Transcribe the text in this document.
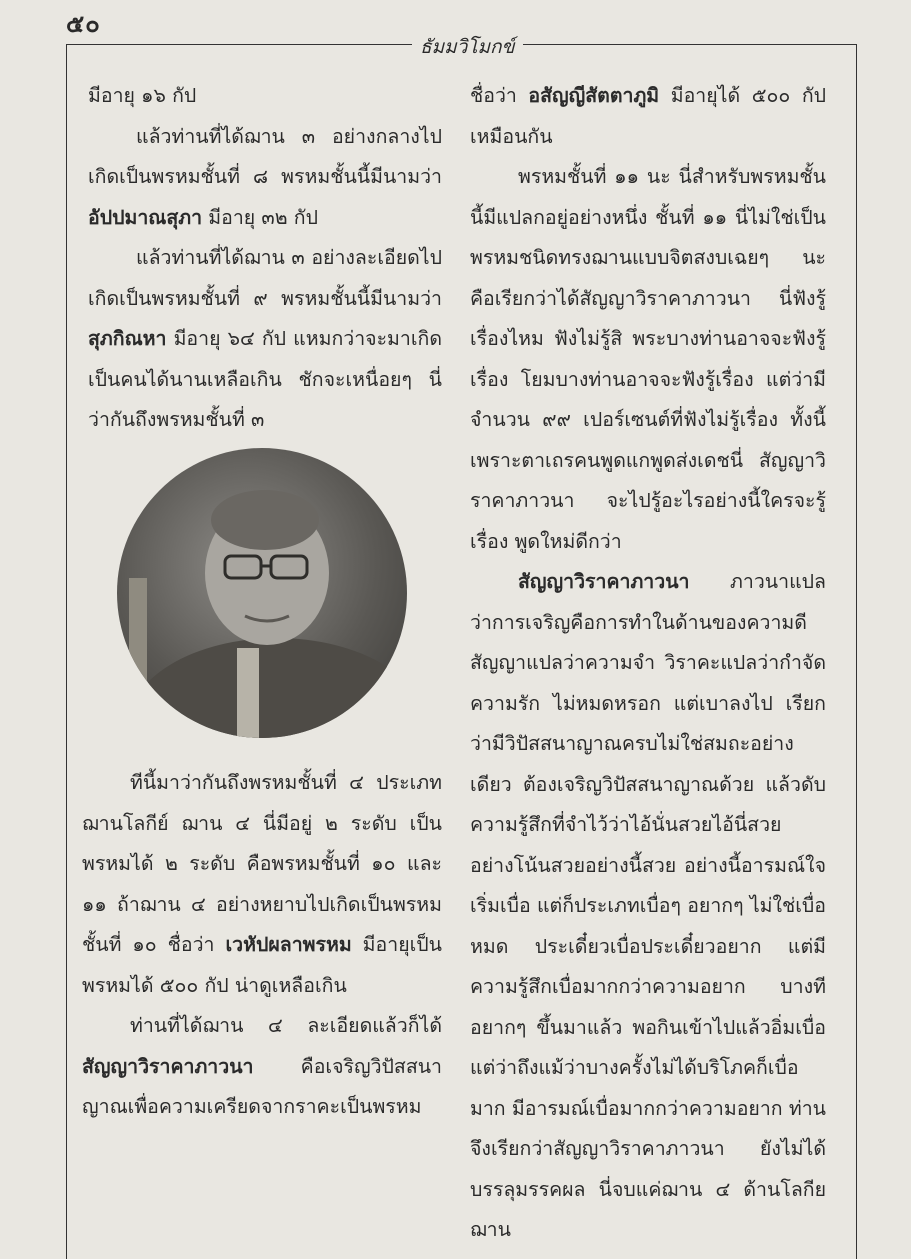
๕๐
ธัมมวิโมกข์

มีอายุ ๑๖ กัป

แล้วท่านที่ได้ฌาน ๓ อย่างกลางไปเกิดเป็นพรหมชั้นที่ ๘ พรหมชั้นนี้มีนามว่า อัปปมาณสุภา มีอายุ ๓๒ กัป

แล้วท่านที่ได้ฌาน ๓ อย่างละเอียดไปเกิดเป็นพรหมชั้นที่ ๙ พรหมชั้นนี้มีนามว่า สุภกิณหา มีอายุ ๖๔ กัป แหมกว่าจะมาเกิดเป็นคนได้นานเหลือเกิน ชักจะเหนื่อยๆ นี่ว่ากันถึงพรหมชั้นที่ ๓

ทีนี้มาว่ากันถึงพรหมชั้นที่ ๔ ประเภทฌานโลกีย์ ฌาน ๔ นี่มีอยู่ ๒ ระดับ เป็นพรหมได้ ๒ ระดับ คือพรหมชั้นที่ ๑๐ และ ๑๑ ถ้าฌาน ๔ อย่างหยาบไปเกิดเป็นพรหมชั้นที่ ๑๐ ชื่อว่า เวหัปผลาพรหม มีอายุเป็นพรหมได้ ๕๐๐ กัป น่าดูเหลือเกิน

ท่านที่ได้ฌาน ๔ ละเอียดแล้วก็ได้สัญญาวิราคาภาวนา คือเจริญวิปัสสนาญาณเพื่อความเครียดจากราคะเป็นพรหม

ชื่อว่า อสัญญีสัตตาภูมิ มีอายุได้ ๕๐๐ กัปเหมือนกัน

พรหมชั้นที่ ๑๑ นะ นี่สำหรับพรหมชั้นนี้มีแปลกอยู่อย่างหนึ่ง ชั้นที่ ๑๑ นี่ไม่ใช่เป็นพรหมชนิดทรงฌานแบบจิตสงบเฉยๆ นะ คือเรียกว่าได้สัญญาวิราคาภาวนา นี่ฟังรู้เรื่องไหม ฟังไม่รู้สิ พระบางท่านอาจจะฟังรู้เรื่อง โยมบางท่านอาจจะฟังรู้เรื่อง แต่ว่ามีจำนวน ๙๙ เปอร์เซนต์ที่ฟังไม่รู้เรื่อง ทั้งนี้เพราะตาเถรคนพูดแกพูดส่งเดชนี่ สัญญาวิราคาภาวนา จะไปรู้อะไรอย่างนี้ใครจะรู้เรื่อง พูดใหม่ดีกว่า

สัญญาวิราคาภาวนา ภาวนาแปลว่าการเจริญคือการทำในด้านของความดี สัญญาแปลว่าความจำ วิราคะแปลว่ากำจัดความรัก ไม่หมดหรอก แต่เบาลงไป เรียกว่ามีวิปัสสนาญาณครบไม่ใช่สมถะอย่างเดียว ต้องเจริญวิปัสสนาญาณด้วย แล้วดับความรู้สึกที่จำไว้ว่าไอ้นั่นสวยไอ้นี่สวย อย่างโน้นสวยอย่างนี้สวย อย่างนี้อารมณ์ใจเริ่มเบื่อ แต่ก็ประเภทเบื่อๆ อยากๆ ไม่ใช่เบื่อหมด ประเดี๋ยวเบื่อประเดี๋ยวอยาก แต่มีความรู้สึกเบื่อมากกว่าความอยาก บางทีอยากๆ ขึ้นมาแล้ว พอกินเข้าไปแล้วอิ่มเบื่อ แต่ว่าถึงแม้ว่าบางครั้งไม่ได้บริโภคก็เบื่อมาก มีอารมณ์เบื่อมากกว่าความอยาก ท่านจึงเรียกว่าสัญญาวิราคาภาวนา ยังไม่ได้บรรลุมรรคผล นี่จบแค่ฌาน ๔ ด้านโลกียฌาน
